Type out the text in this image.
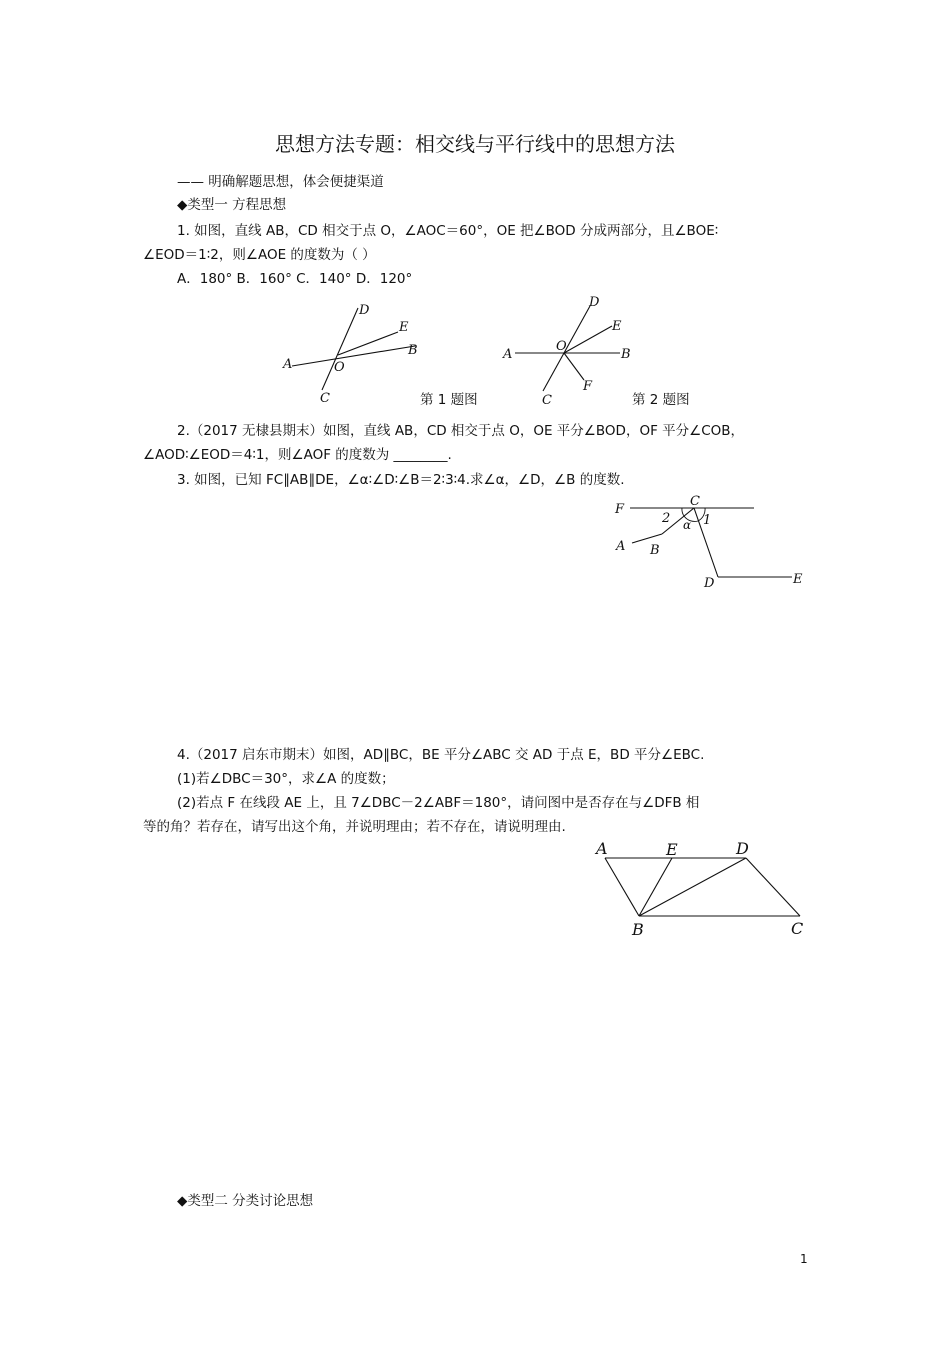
思想方法专题：相交线与平行线中的思想方法
—— 明确解题思想，体会便捷渠道
◆类型一 方程思想
1. 如图，直线 AB，CD 相交于点 O，∠AOC＝60°，OE 把∠BOD 分成两部分，且∠BOE∶
∠EOD＝1∶2，则∠AOE 的度数为（ ）
A．180° B．160° C．140° D．120°
A
B
C
D
E
O
第 1 题图
A	B
C
D
E
F
O
第 2 题图
2.（2017 无棣县期末）如图，直线 AB，CD 相交于点 O，OE 平分∠BOD，OF 平分∠COB，
∠AOD∶∠EOD＝4∶1，则∠AOF 的度数为 ________.
3. 如图，已知 FC∥AB∥DE，∠α∶∠D∶∠B＝2∶3∶4.求∠α，∠D，∠B 的度数.
F
C
2	1
α
A B
D	E
4.（2017 启东市期末）如图，AD∥BC，BE 平分∠ABC 交 AD 于点 E，BD 平分∠EBC.
(1)若∠DBC＝30°，求∠A 的度数；
(2)若点 F 在线段 AE 上，且 7∠DBC－2∠ABF＝180°，请问图中是否存在与∠DFB 相
等的角？若存在，请写出这个角，并说明理由；若不存在，请说明理由.
A	E	D
B	C
◆类型二 分类讨论思想
1
